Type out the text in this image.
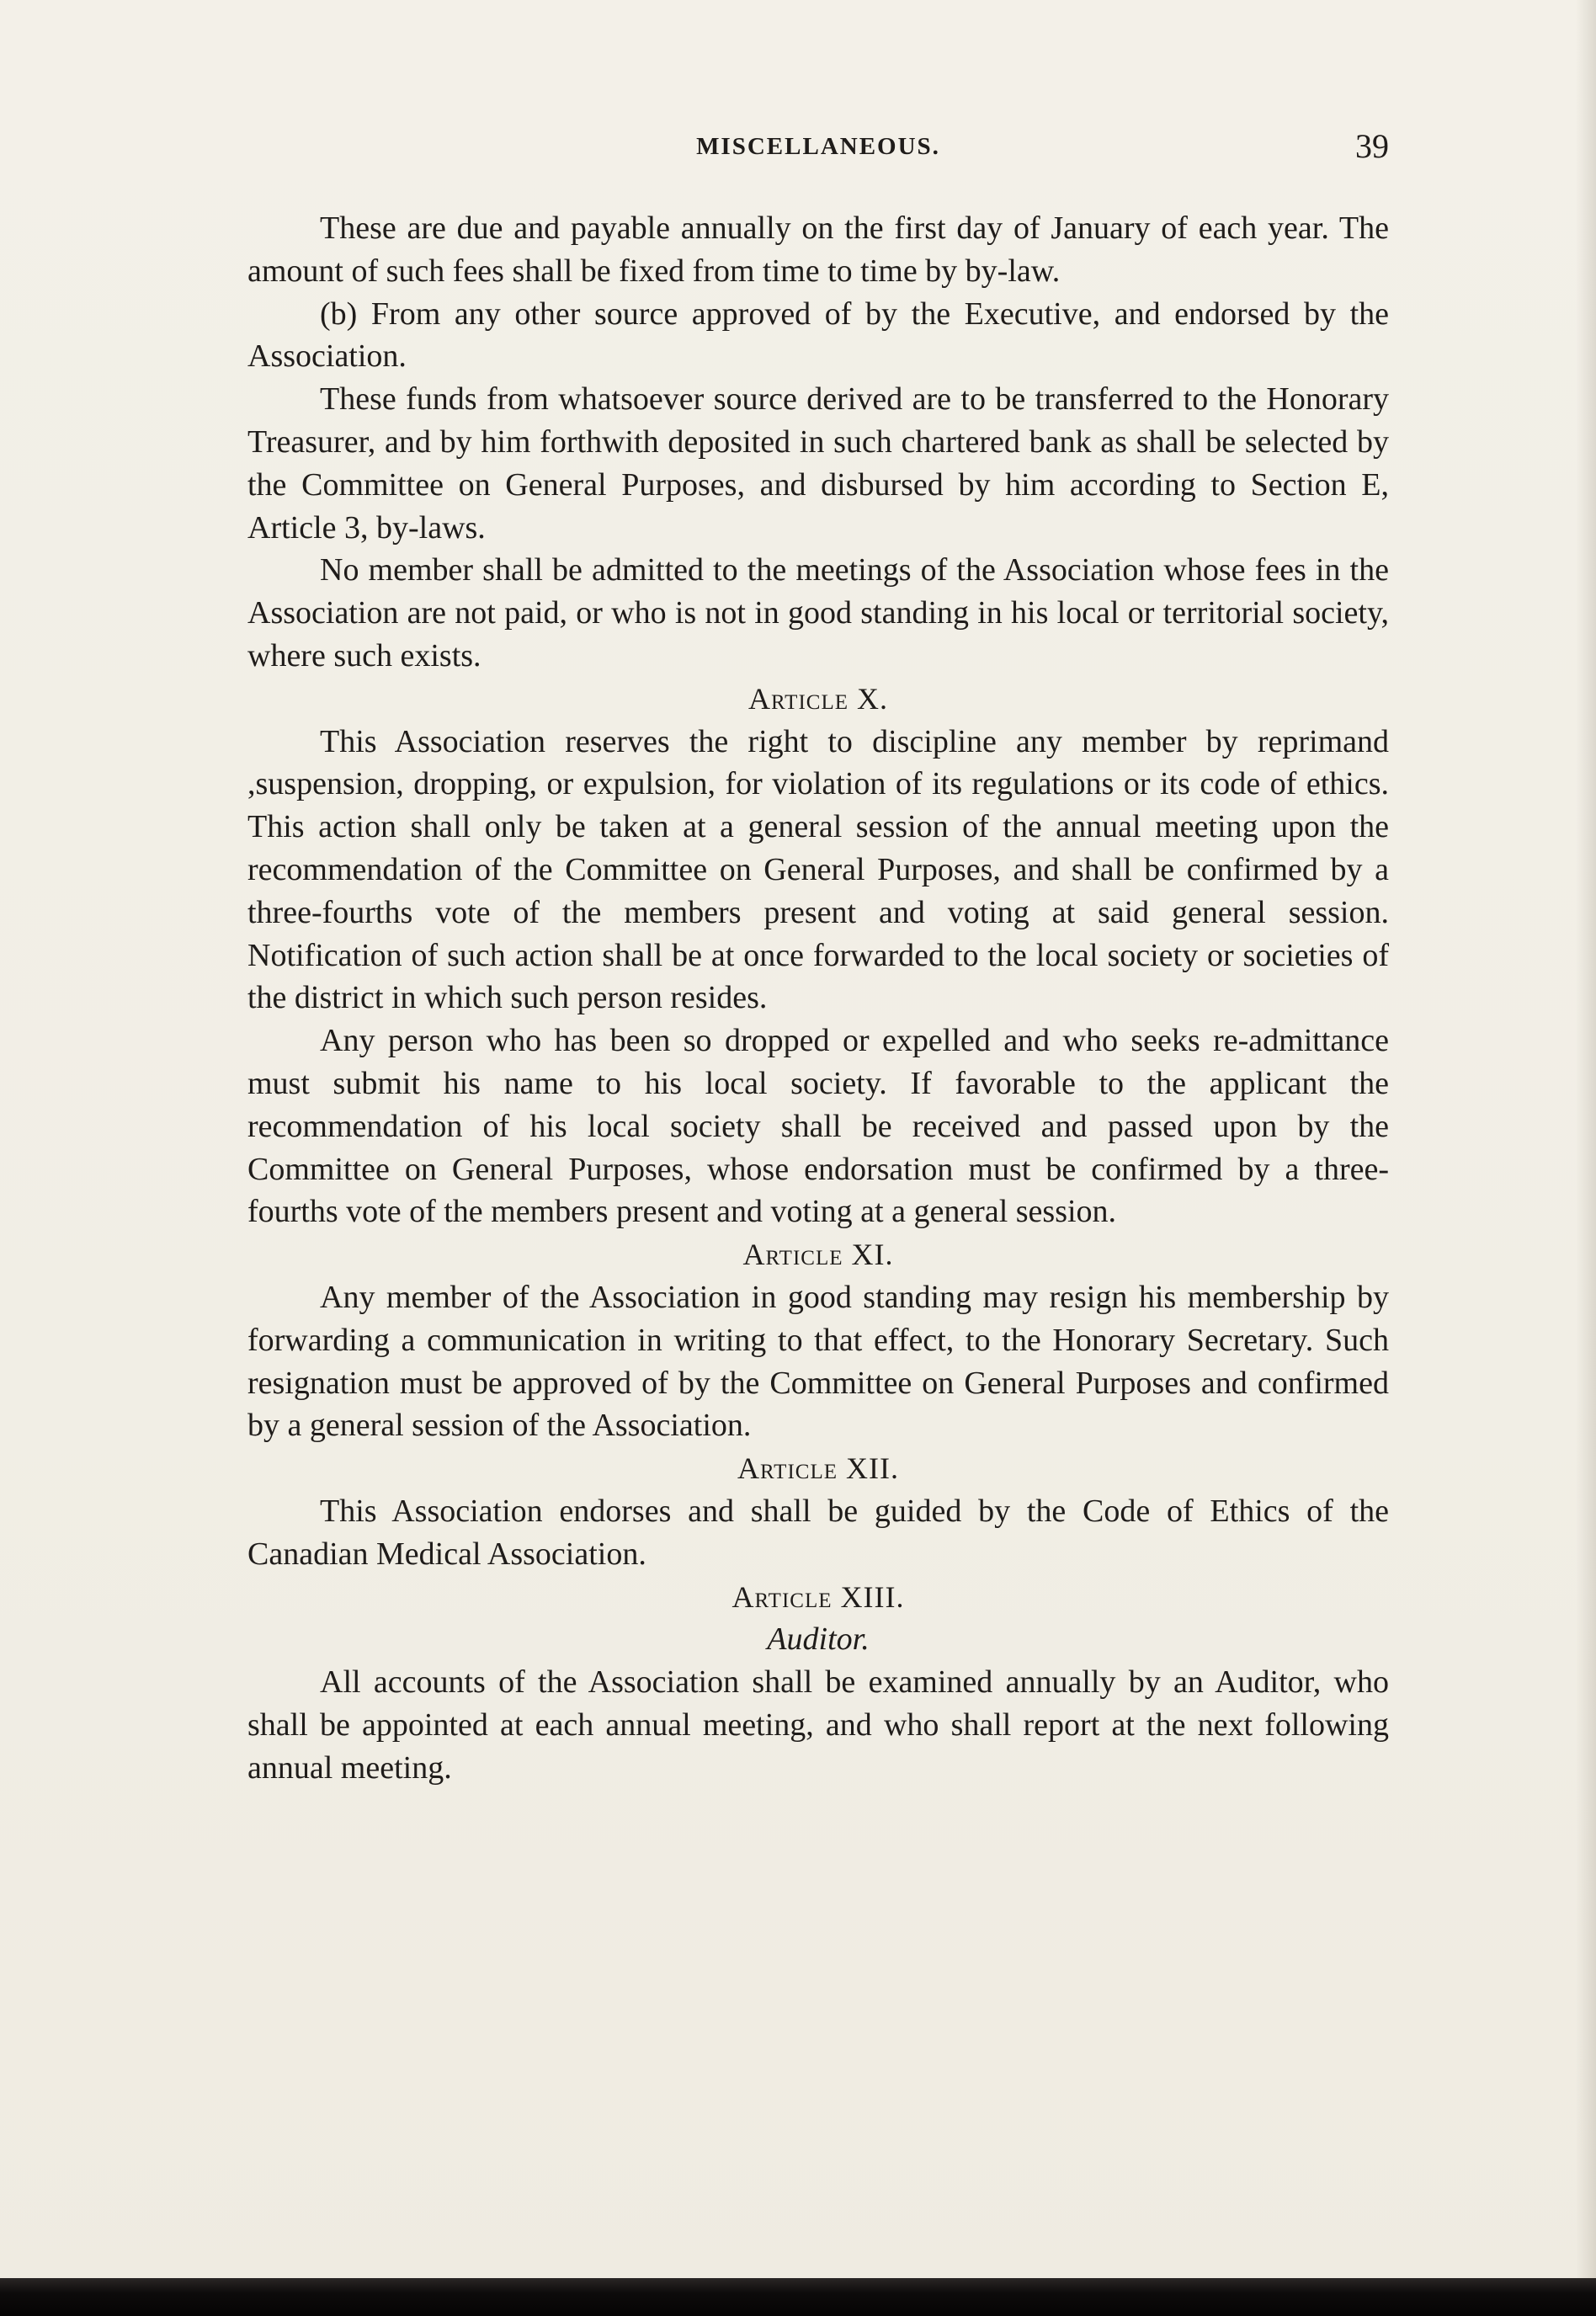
MISCELLANEOUS.	39

These are due and payable annually on the first day of January of each year. The amount of such fees shall be fixed from time to time by by-law.

(b) From any other source approved of by the Executive, and endorsed by the Association.

These funds from whatsoever source derived are to be transferred to the Honorary Treasurer, and by him forthwith deposited in such chartered bank as shall be selected by the Committee on General Purposes, and disbursed by him according to Section E, Article 3, by-laws.

No member shall be admitted to the meetings of the Association whose fees in the Association are not paid, or who is not in good standing in his local or territorial society, where such exists.

Article X.

This Association reserves the right to discipline any member by reprimand ,suspension, dropping, or expulsion, for violation of its regulations or its code of ethics. This action shall only be taken at a general session of the annual meeting upon the recommendation of the Committee on General Purposes, and shall be confirmed by a three-fourths vote of the members present and voting at said general session. Notification of such action shall be at once forwarded to the local society or societies of the district in which such person resides.

Any person who has been so dropped or expelled and who seeks re-admittance must submit his name to his local society. If favorable to the applicant the recommendation of his local society shall be received and passed upon by the Committee on General Purposes, whose endorsation must be confirmed by a three-fourths vote of the members present and voting at a general session.

Article XI.

Any member of the Association in good standing may resign his membership by forwarding a communication in writing to that effect, to the Honorary Secretary. Such resignation must be approved of by the Committee on General Purposes and confirmed by a general session of the Association.

Article XII.

This Association endorses and shall be guided by the Code of Ethics of the Canadian Medical Association.

Article XIII.
Auditor.

All accounts of the Association shall be examined annually by an Auditor, who shall be appointed at each annual meeting, and who shall report at the next following annual meeting.
